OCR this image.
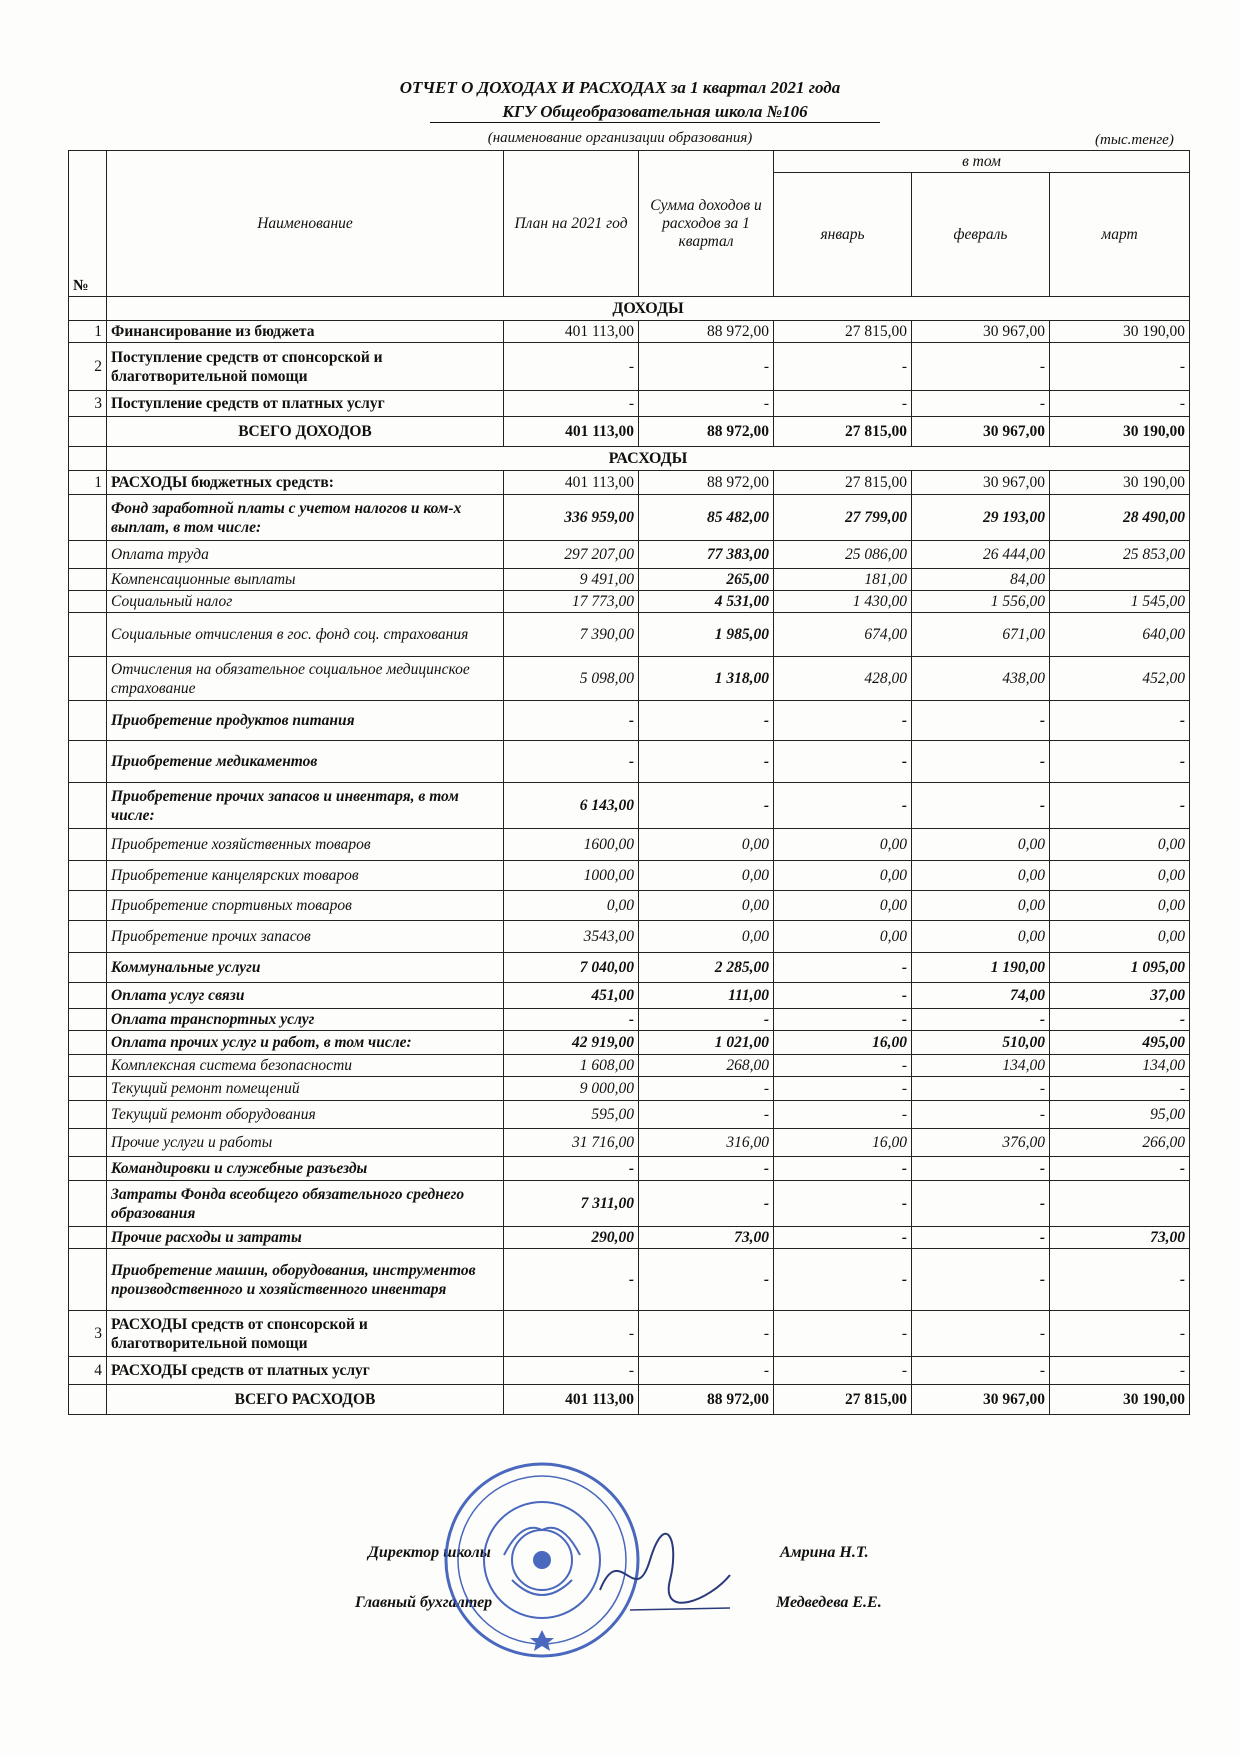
ОТЧЕТ О ДОХОДАХ И РАСХОДАХ за 1 квартал 2021 года
КГУ Общеобразовательная школа №106
(наименование организации образования)	(тыс.тенге)
№	Наименование	План на 2021 год	Сумма доходов и расходов за 1 квартал	в том		
				январь	февраль	март
	ДОХОДЫ					
1	Финансирование из бюджета	401 113,00	88 972,00	27 815,00	30 967,00	30 190,00
2	Поступление средств от спонсорской и благотворительной помощи	-	-	-	-	-
3	Поступление средств от платных услуг	-	-	-	-	-
	ВСЕГО ДОХОДОВ	401 113,00	88 972,00	27 815,00	30 967,00	30 190,00
	РАСХОДЫ					
1	РАСХОДЫ бюджетных средств:	401 113,00	88 972,00	27 815,00	30 967,00	30 190,00
	Фонд заработной платы с учетом налогов и ком-х выплат, в том числе:	336 959,00	85 482,00	27 799,00	29 193,00	28 490,00
	Оплата труда	297 207,00	77 383,00	25 086,00	26 444,00	25 853,00
	Компенсационные выплаты	9 491,00	265,00	181,00	84,00	
	Социальный налог	17 773,00	4 531,00	1 430,00	1 556,00	1 545,00
	Социальные отчисления в гос. фонд соц. страхования	7 390,00	1 985,00	674,00	671,00	640,00
	Отчисления на обязательное социальное медицинское страхование	5 098,00	1 318,00	428,00	438,00	452,00
	Приобретение продуктов питания	-	-	-	-	-
	Приобретение медикаментов	-	-	-	-	-
	Приобретение прочих запасов и инвентаря, в том числе:	6 143,00	-	-	-	-
	Приобретение хозяйственных товаров	1600,00	0,00	0,00	0,00	0,00
	Приобретение канцелярских товаров	1000,00	0,00	0,00	0,00	0,00
	Приобретение спортивных товаров	0,00	0,00	0,00	0,00	0,00
	Приобретение прочих запасов	3543,00	0,00	0,00	0,00	0,00
	Коммунальные услуги	7 040,00	2 285,00	-	1 190,00	1 095,00
	Оплата услуг связи	451,00	111,00	-	74,00	37,00
	Оплата транспортных услуг	-	-	-	-	-
	Оплата прочих услуг и работ, в том числе:	42 919,00	1 021,00	16,00	510,00	495,00
	Комплексная система безопасности	1 608,00	268,00	-	134,00	134,00
	Текущий ремонт помещений	9 000,00	-	-	-	-
	Текущий ремонт оборудования	595,00	-	-	-	95,00
	Прочие услуги и работы	31 716,00	316,00	16,00	376,00	266,00
	Командировки и служебные разъезды	-	-	-	-	-
	Затраты Фонда всеобщего обязательного среднего образования	7 311,00	-	-	-	
	Прочие расходы и затраты	290,00	73,00	-	-	73,00
	Приобретение машин, оборудования, инструментов производственного и хозяйственного инвентаря	-	-	-	-	-
3	РАСХОДЫ средств от спонсорской и благотворительной помощи	-	-	-	-	-
4	РАСХОДЫ средств от платных услуг	-	-	-	-	-
	ВСЕГО РАСХОДОВ	401 113,00	88 972,00	27 815,00	30 967,00	30 190,00
Директор школы	Амрина Н.Т.
Главный бухгалтер	Медведева Е.Е.
